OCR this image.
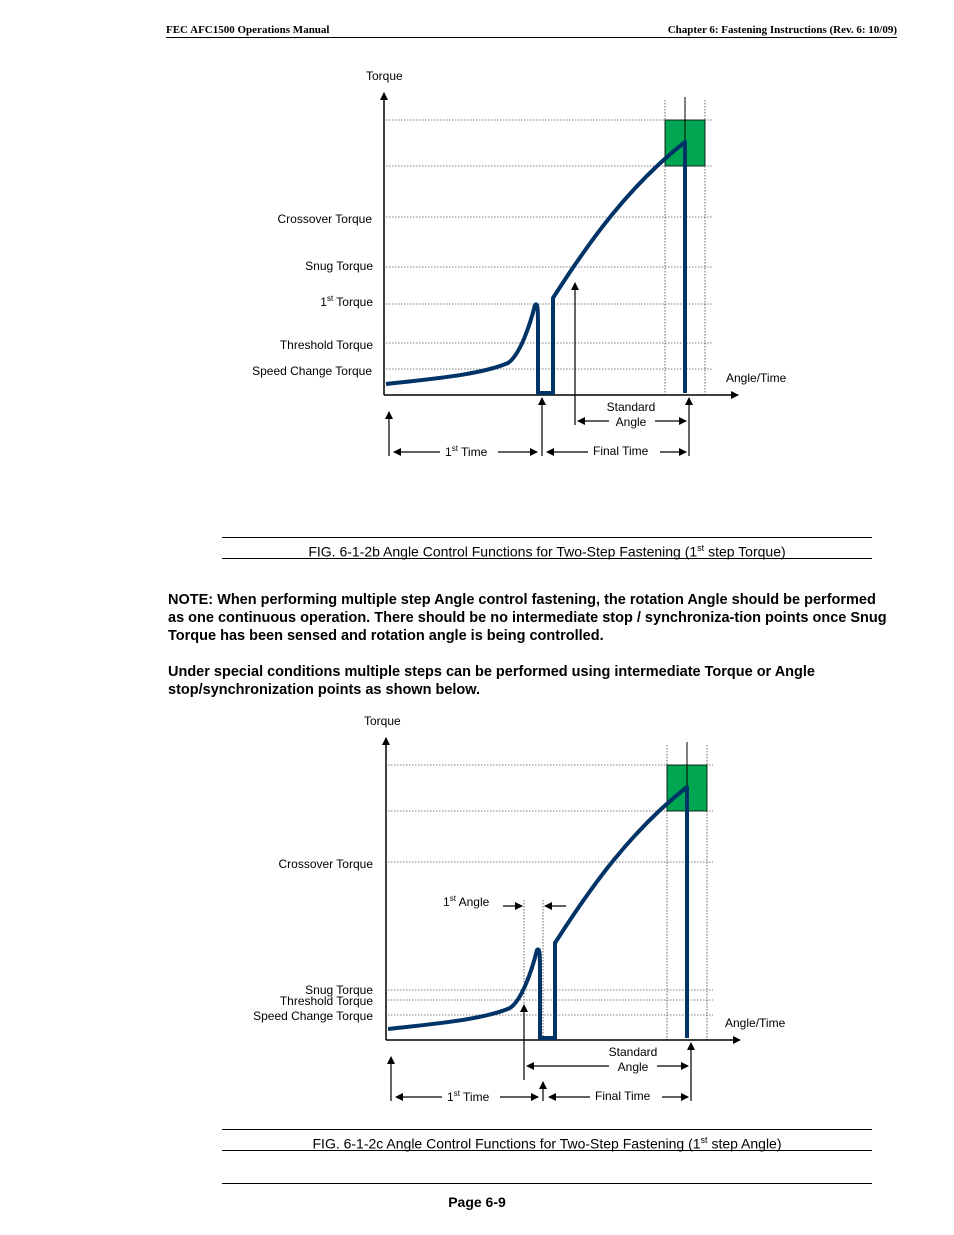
FEC AFC1500 Operations Manual	Chapter 6: Fastening Instructions (Rev. 6: 10/09)
Torque
Angle/Time
Crossover Torque
Snug Torque
1st Torque
Threshold Torque
Speed Change Torque
Standard
Angle
1st Time	Final Time
FIG. 6-1-2b Angle Control Functions for Two-Step Fastening (1st step Torque)
NOTE: When performing multiple step Angle control fastening, the rotation Angle should be performed as one continuous operation. There should be no intermediate stop / synchroniza-tion points once Snug Torque has been sensed and rotation angle is being controlled.
Under special conditions multiple steps can be performed using intermediate Torque or Angle stop/synchronization points as shown below.
Torque
Angle/Time
Crossover Torque
Snug Torque
Threshold Torque
Speed Change Torque
1st Angle
Standard
Angle
1st Time	Final Time
FIG. 6-1-2c Angle Control Functions for Two-Step Fastening (1st step Angle)
Page 6-9
